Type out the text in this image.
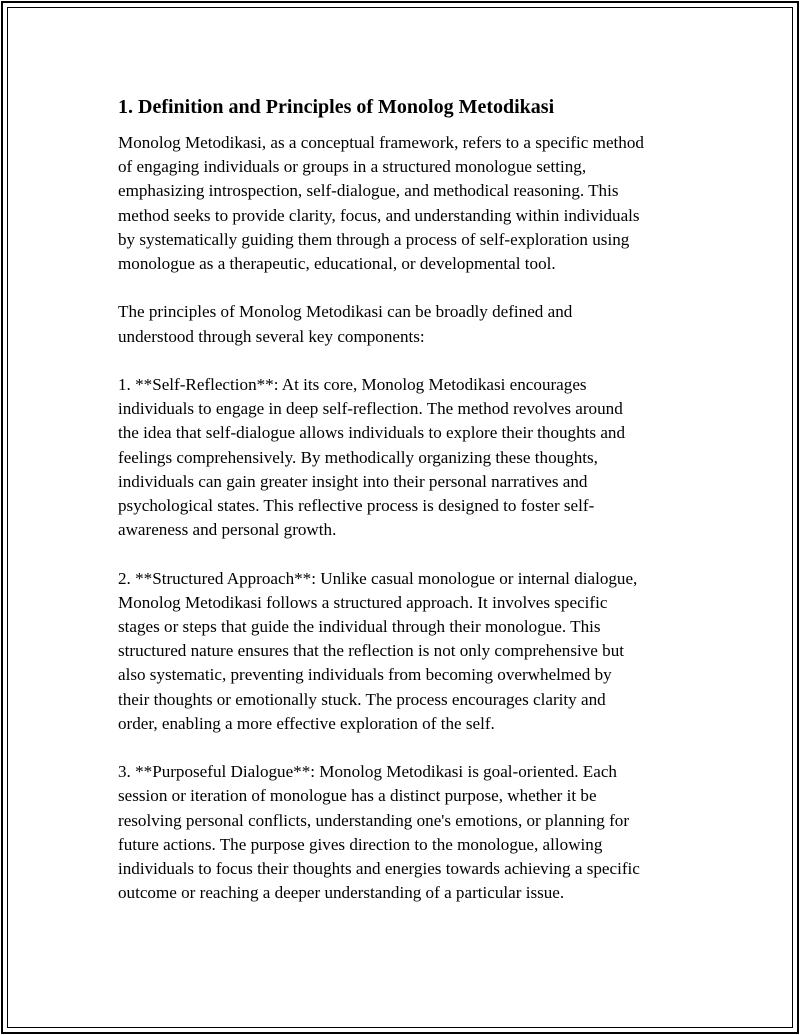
1. Definition and Principles of Monolog Metodikasi

Monolog Metodikasi, as a conceptual framework, refers to a specific method
of engaging individuals or groups in a structured monologue setting,
emphasizing introspection, self-dialogue, and methodical reasoning. This
method seeks to provide clarity, focus, and understanding within individuals
by systematically guiding them through a process of self-exploration using
monologue as a therapeutic, educational, or developmental tool.

The principles of Monolog Metodikasi can be broadly defined and
understood through several key components:

1. **Self-Reflection**: At its core, Monolog Metodikasi encourages
individuals to engage in deep self-reflection. The method revolves around
the idea that self-dialogue allows individuals to explore their thoughts and
feelings comprehensively. By methodically organizing these thoughts,
individuals can gain greater insight into their personal narratives and
psychological states. This reflective process is designed to foster self-
awareness and personal growth.

2. **Structured Approach**: Unlike casual monologue or internal dialogue,
Monolog Metodikasi follows a structured approach. It involves specific
stages or steps that guide the individual through their monologue. This
structured nature ensures that the reflection is not only comprehensive but
also systematic, preventing individuals from becoming overwhelmed by
their thoughts or emotionally stuck. The process encourages clarity and
order, enabling a more effective exploration of the self.

3. **Purposeful Dialogue**: Monolog Metodikasi is goal-oriented. Each
session or iteration of monologue has a distinct purpose, whether it be
resolving personal conflicts, understanding one's emotions, or planning for
future actions. The purpose gives direction to the monologue, allowing
individuals to focus their thoughts and energies towards achieving a specific
outcome or reaching a deeper understanding of a particular issue.
